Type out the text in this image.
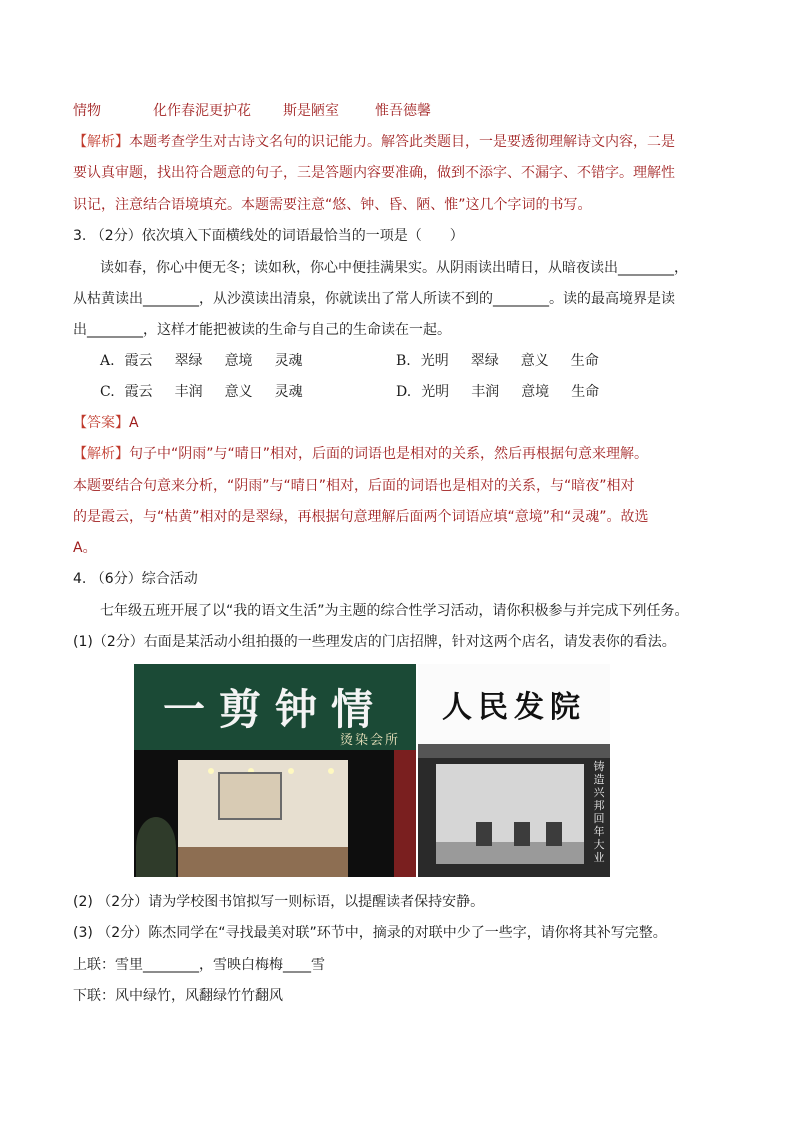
情物	化作春泥更护花 斯是陋室	惟吾德馨
【解析】本题考查学生对古诗文名句的识记能力。解答此类题目，一是要透彻理解诗文内容，二是
要认真审题，找出符合题意的句子，三是答题内容要准确，做到不添字、不漏字、不错字。理解性
识记，注意结合语境填充。本题需要注意“悠、钟、昏、陋、惟”这几个字词的书写。
3. （2分）依次填入下面横线处的词语最恰当的一项是（　　）
读如春，你心中便无冬；读如秋，你心中便挂满果实。从阴雨读出晴日，从暗夜读出________，
从枯黄读出________，从沙漠读出清泉，你就读出了常人所读不到的________。读的最高境界是读
出________，这样才能把被读的生命与自己的生命读在一起。
A. 霞云 翠绿 意境 灵魂	B. 光明 翠绿 意义 生命
C. 霞云 丰润 意义 灵魂	D. 光明 丰润 意境 生命
【答案】A
【解析】句子中“阴雨”与“晴日”相对，后面的词语也是相对的关系，然后再根据句意来理解。
本题要结合句意来分析，“阴雨”与“晴日”相对，后面的词语也是相对的关系，与“暗夜”相对
的是霞云，与“枯黄”相对的是翠绿，再根据句意理解后面两个词语应填“意境”和“灵魂”。故选
A。
4. （6分）综合活动
七年级五班开展了以“我的语文生活”为主题的综合性学习活动，请你积极参与并完成下列任务。
(1)（2分）右面是某活动小组拍摄的一些理发店的门店招牌，针对这两个店名，请发表你的看法。
一剪钟情
烫染会所
人民发院
铸造兴邦回年大业
(2) （2分）请为学校图书馆拟写一则标语，以提醒读者保持安静。
(3) （2分）陈杰同学在“寻找最美对联”环节中，摘录的对联中少了一些字，请你将其补写完整。
上联：雪里________，雪映白梅梅____雪
下联：风中绿竹，风翻绿竹竹翻风
